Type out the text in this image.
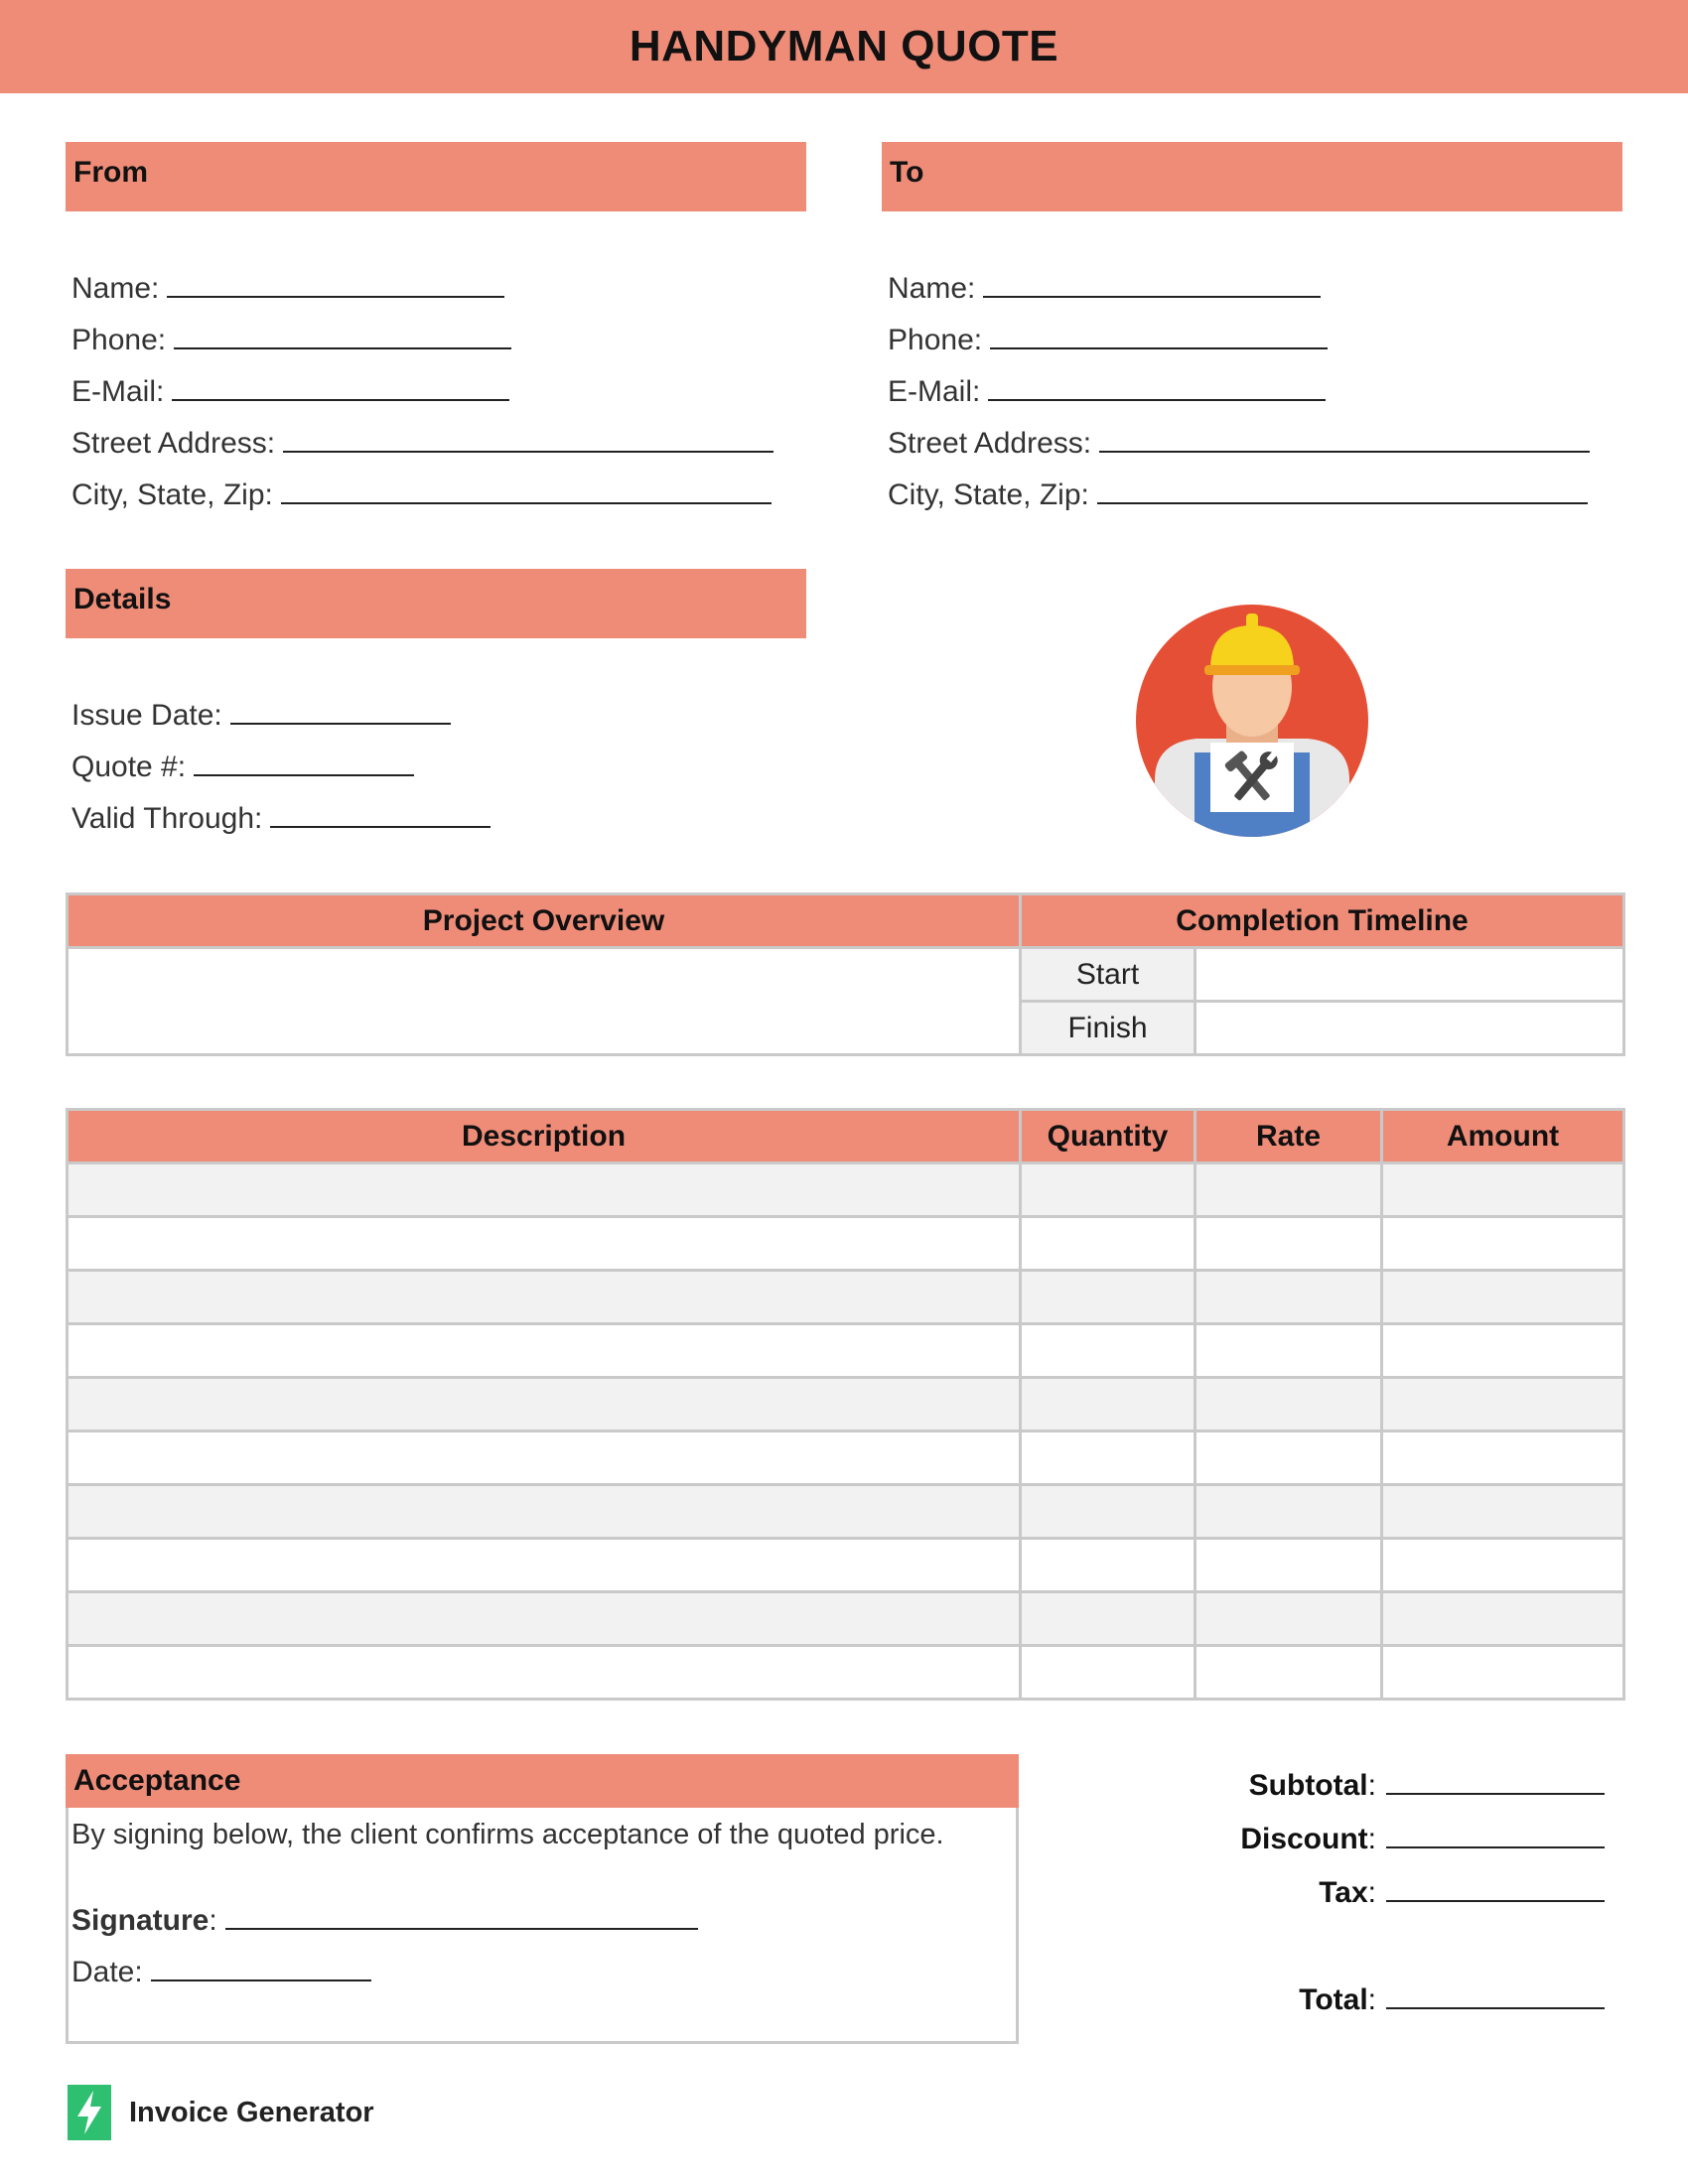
HANDYMAN QUOTE
From
Name:
Phone:
E-Mail:
Street Address:
City, State, Zip:
To
Name:
Phone:
E-Mail:
Street Address:
City, State, Zip:
Details
Issue Date:
Quote #:
Valid Through:
Project Overview	Completion Timeline	
	Start	
	Finish	
Description	Quantity	Rate	Amount

Acceptance
By signing below, the client confirms acceptance of the quoted price.
Signature :
Date:
Subtotal :
Discount :
Tax :
Total :
Invoice Generator
